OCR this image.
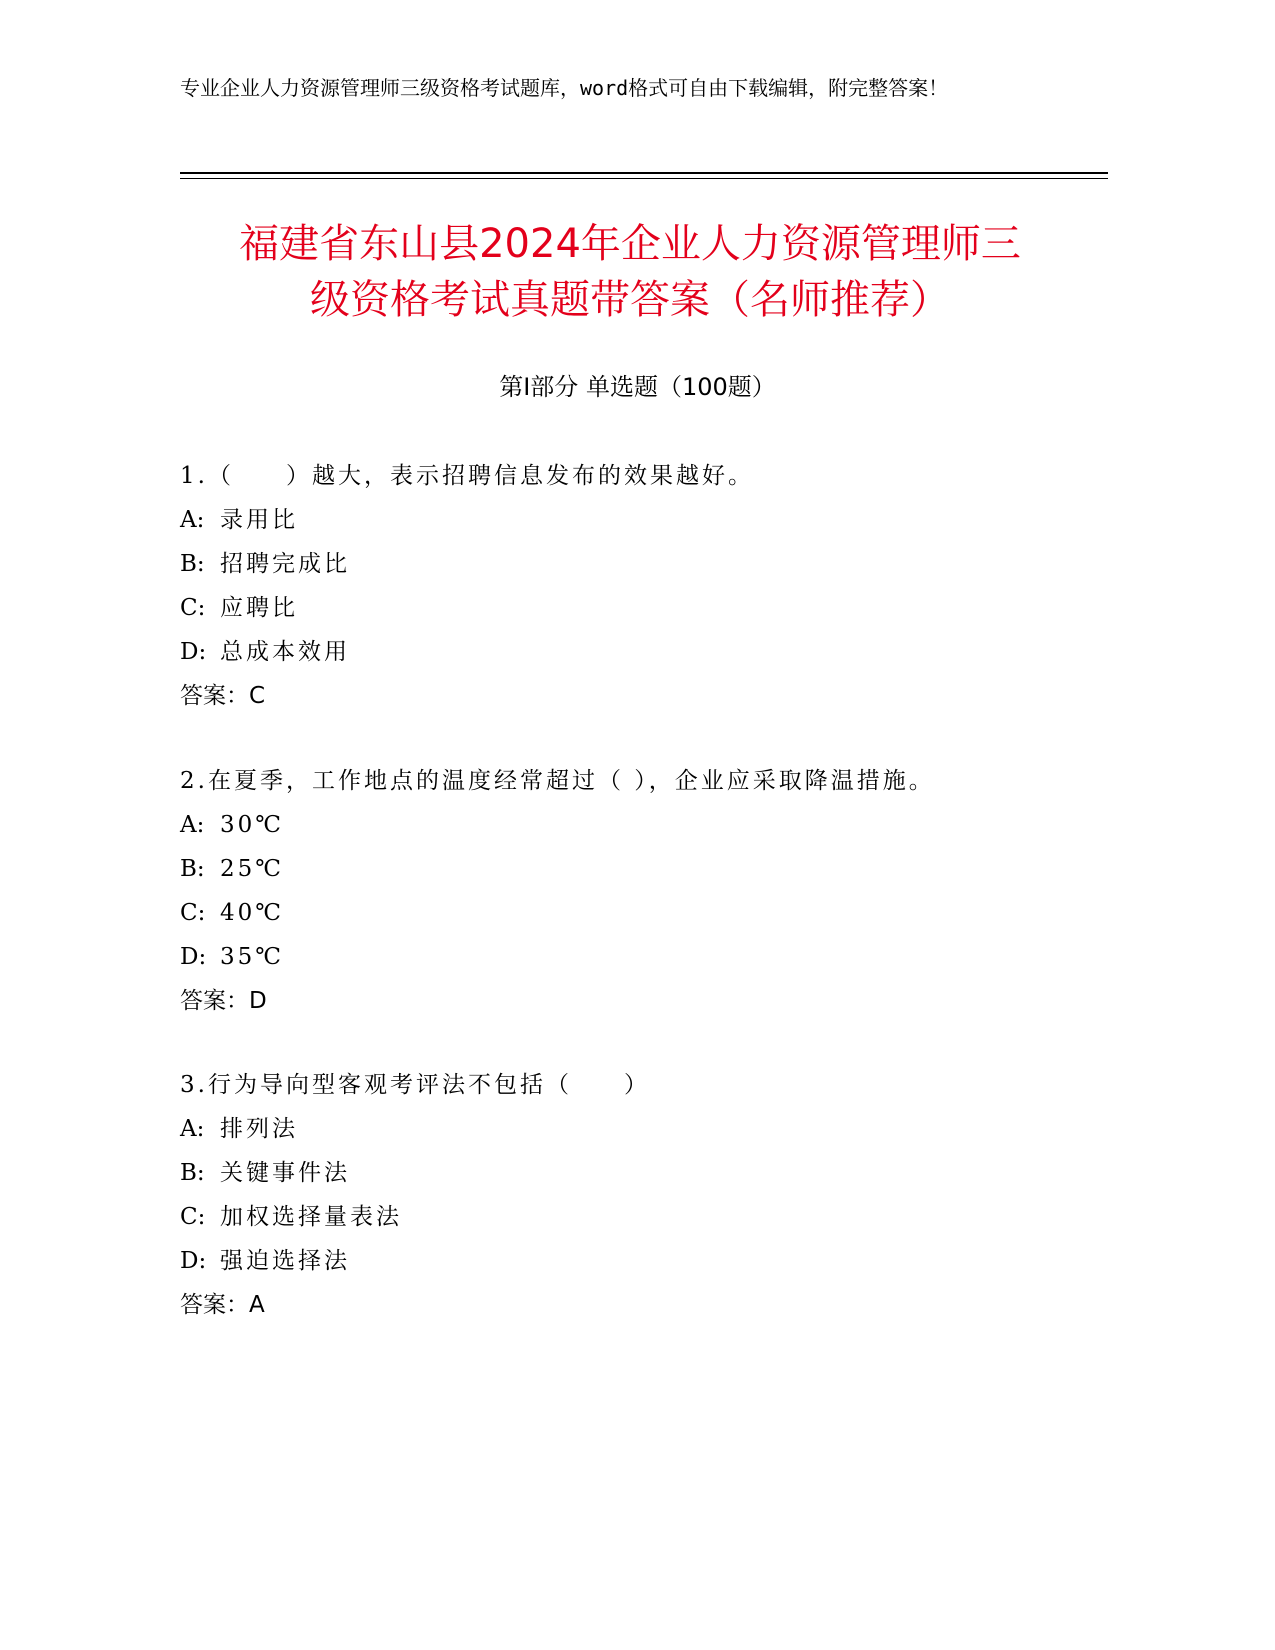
专业企业人力资源管理师三级资格考试题库，word格式可自由下载编辑，附完整答案！
福建省东山县2024年企业人力资源管理师三
级资格考试真题带答案（名师推荐）
第I部分 单选题（100题）
1.（　　）越大，表示招聘信息发布的效果越好。
A: 录用比
B: 招聘完成比
C: 应聘比
D: 总成本效用
答案：C
2.在夏季，工作地点的温度经常超过（ ），企业应采取降温措施。
A: 30℃
B: 25℃
C: 40℃
D: 35℃
答案：D
3.行为导向型客观考评法不包括（　　）
A: 排列法
B: 关键事件法
C: 加权选择量表法
D: 强迫选择法
答案：A
